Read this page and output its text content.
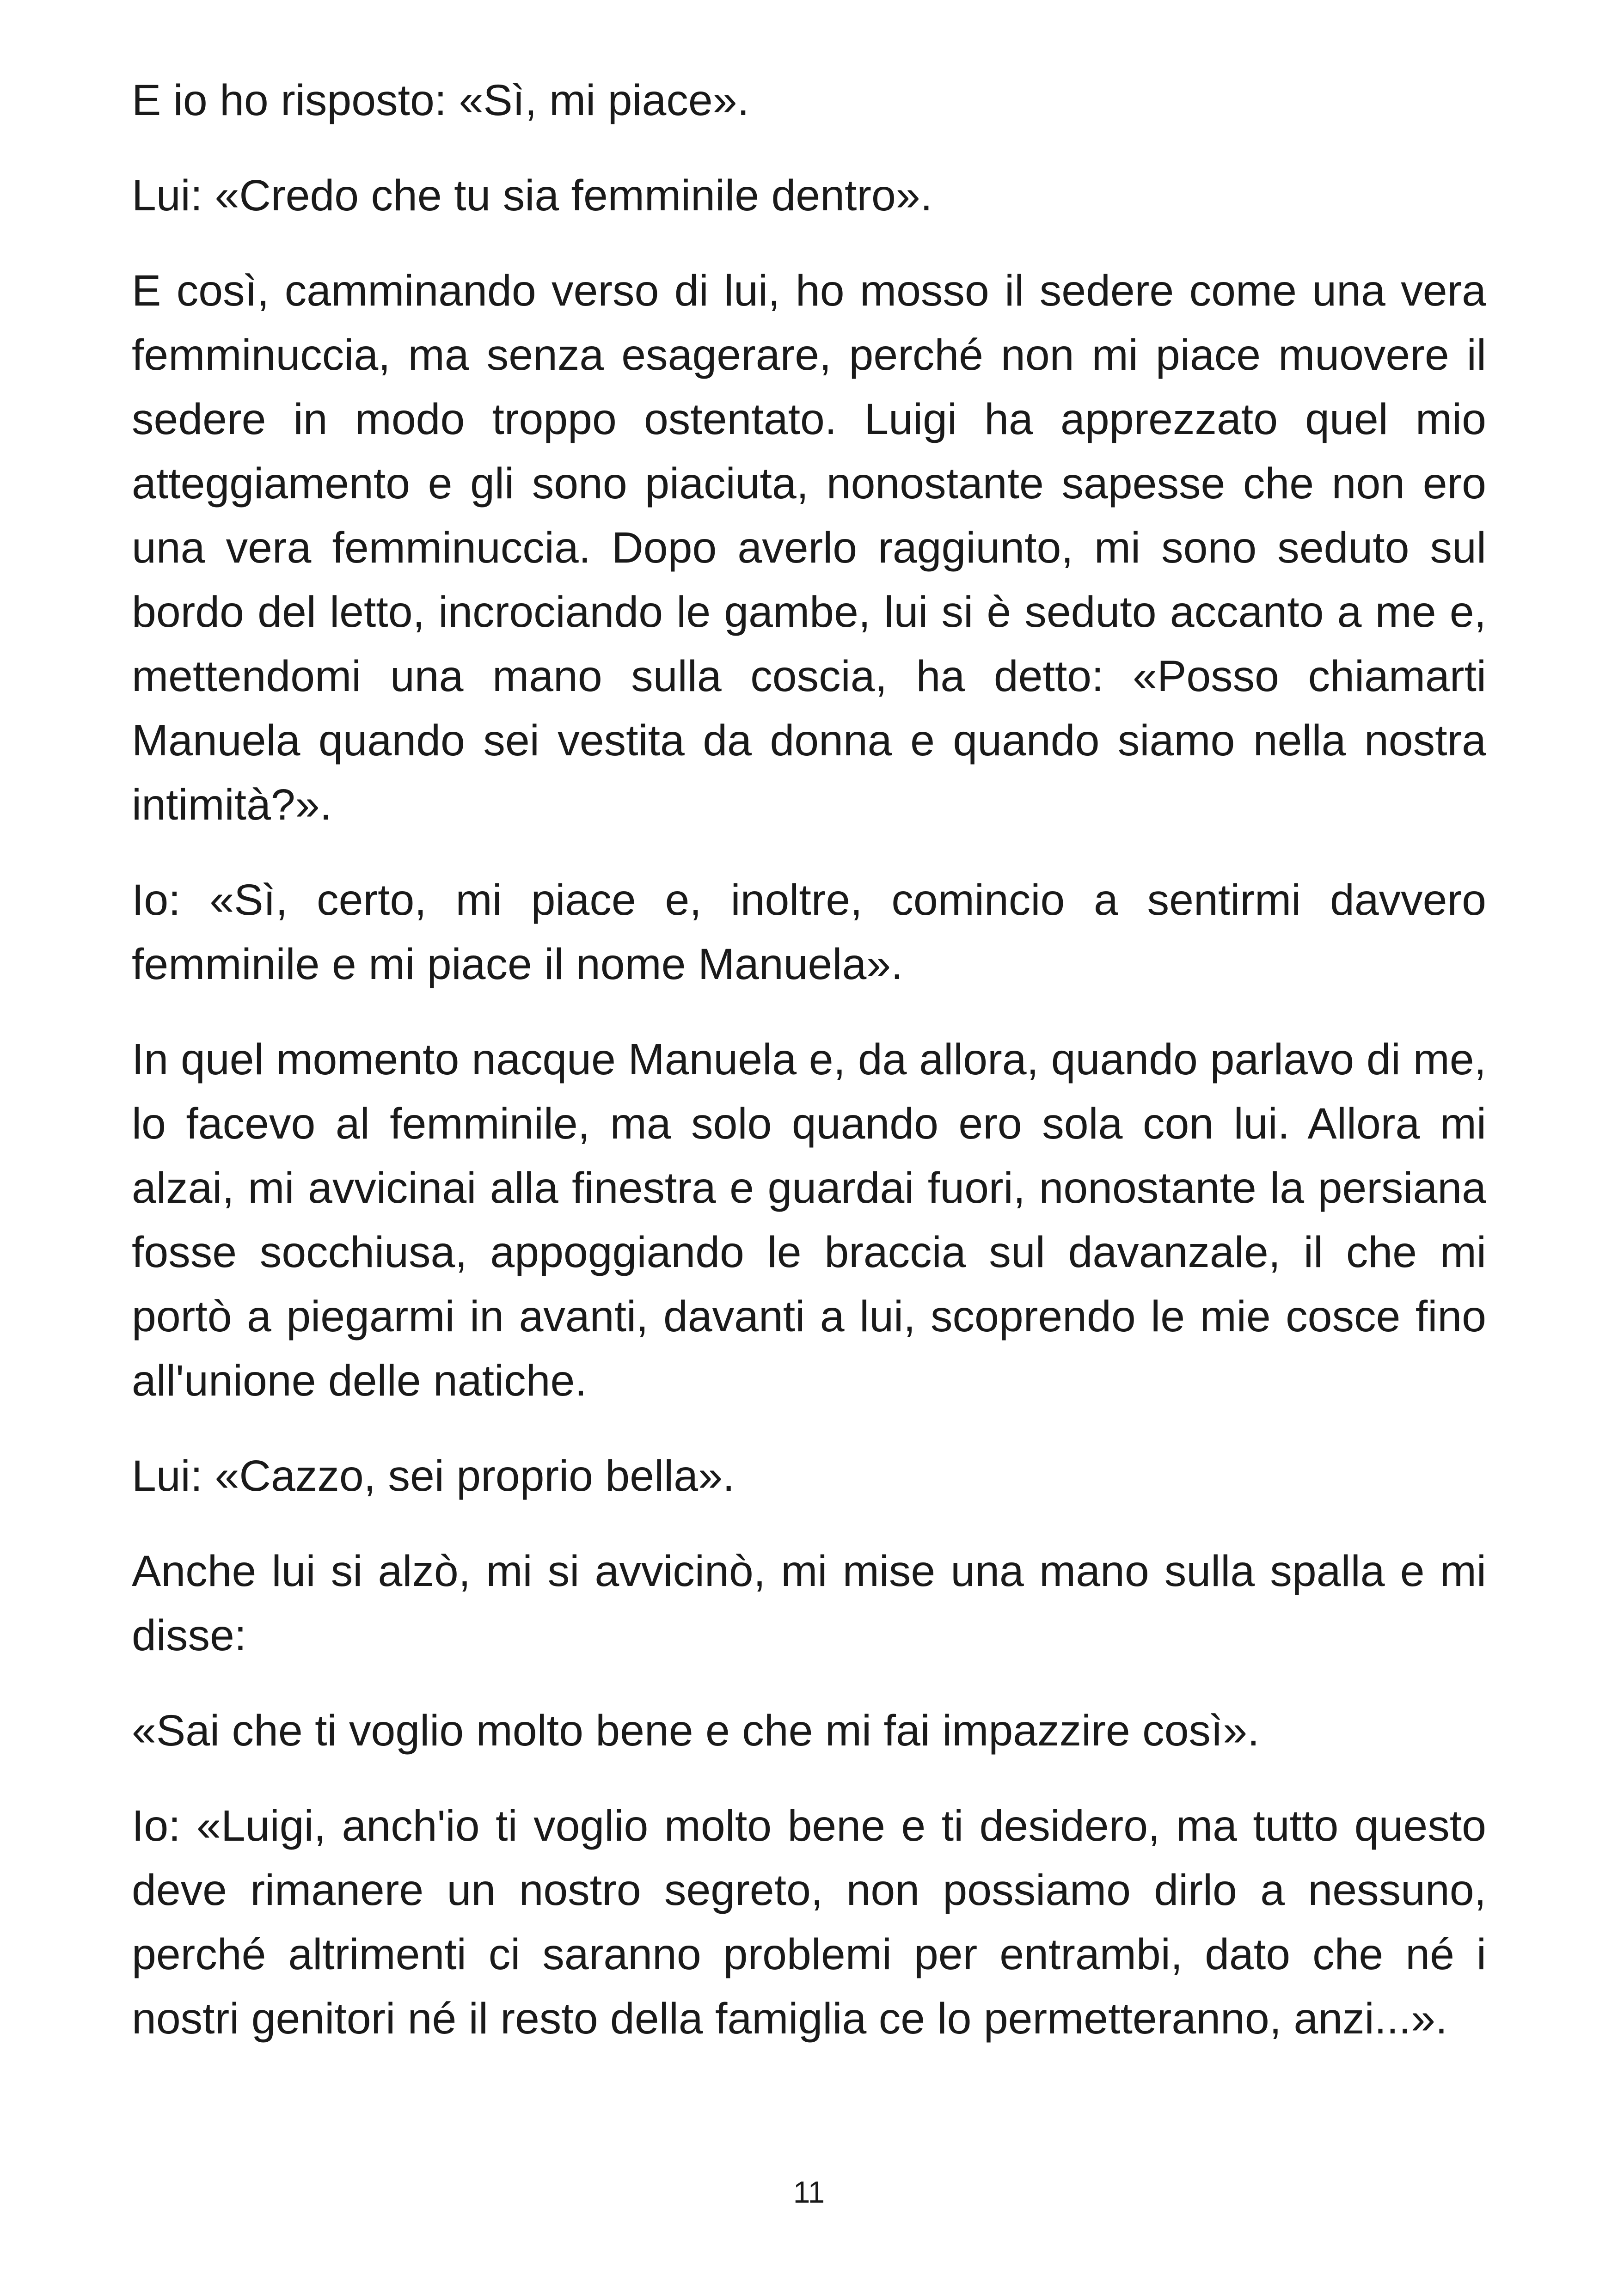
E io ho risposto: «Sì, mi piace».

Lui: «Credo che tu sia femminile dentro».

E così, camminando verso di lui, ho mosso il sedere come una vera femminuccia, ma senza esagerare, perché non mi piace muovere il sedere in modo troppo ostentato. Luigi ha apprezzato quel mio atteggiamento e gli sono piaciuta, nonostante sapesse che non ero una vera femminuccia. Dopo averlo raggiunto, mi sono seduto sul bordo del letto, incrociando le gambe, lui si è seduto accanto a me e, mettendomi una mano sulla coscia, ha detto: «Posso chiamarti Manuela quando sei vestita da donna e quando siamo nella nostra intimità?».

Io: «Sì, certo, mi piace e, inoltre, comincio a sentirmi davvero femminile e mi piace il nome Manuela».

In quel momento nacque Manuela e, da allora, quando parlavo di me, lo facevo al femminile, ma solo quando ero sola con lui. Allora mi alzai, mi avvicinai alla finestra e guardai fuori, nonostante la persiana fosse socchiusa, appoggiando le braccia sul davanzale, il che mi portò a piegarmi in avanti, davanti a lui, scoprendo le mie cosce fino all'unione delle natiche.

Lui: «Cazzo, sei proprio bella».

Anche lui si alzò, mi si avvicinò, mi mise una mano sulla spalla e mi disse:

«Sai che ti voglio molto bene e che mi fai impazzire così».

Io: «Luigi, anch'io ti voglio molto bene e ti desidero, ma tutto questo deve rimanere un nostro segreto, non possiamo dirlo a nessuno, perché altrimenti ci saranno problemi per entrambi, dato che né i nostri genitori né il resto della famiglia ce lo permetteranno, anzi...».

11
